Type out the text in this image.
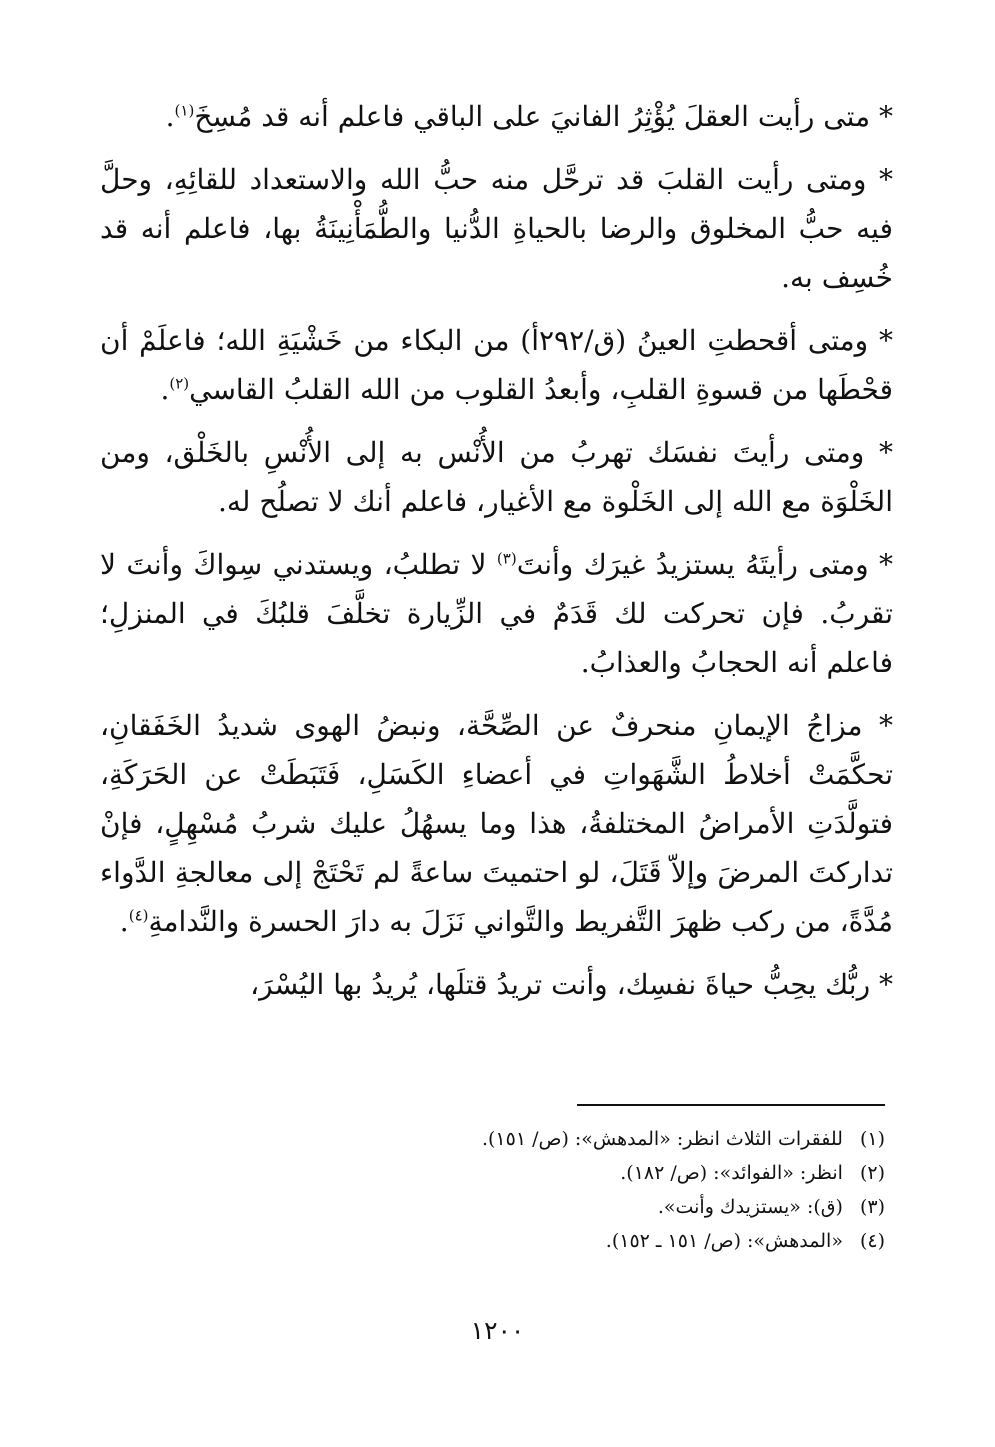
* متى رأيت العقلَ يُؤْثِرُ الفانيَ على الباقي فاعلم أنه قد مُسِخَ$^{(١)}$.

* ومتى رأيت القلبَ قد ترحَّل منه حبُّ الله والاستعداد للقائِهِ، وحلَّ فيه حبُّ المخلوق والرضا بالحياةِ الدُّنيا والطُّمَأْنِينَةُ بها، فاعلم أنه قد خُسِف به.

* ومتى أقحطتِ العينُ (ق/٢٩٢أ) من البكاء من خَشْيَةِ الله؛ فاعلَمْ أن قحْطَها من قسوةِ القلبِ، وأبعدُ القلوب من الله القلبُ القاسي$^{(٢)}$.

* ومتى رأيتَ نفسَك تهربُ من الأُنْس به إلى الأُنْسِ بالخَلْق، ومن الخَلْوَة مع الله إلى الخَلْوة مع الأغيار، فاعلم أنك لا تصلُح له.

* ومتى رأيتَهُ يستزيدُ غيرَك وأنتَ$^{(٣)}$ لا تطلبُ، ويستدني سِواكَ وأنتَ لا تقربُ. فإن تحركت لك قَدَمٌ في الزِّيارة تخلَّفَ قلبُكَ في المنزلِ؛ فاعلم أنه الحجابُ والعذابُ.

* مزاجُ الإيمانِ منحرفٌ عن الصِّحَّة، ونبضُ الهوى شديدُ الخَفَقانِ، تحكَّمَتْ أخلاطُ الشَّهَواتِ في أعضاءِ الكَسَلِ، فَتَبَطَتْ عن الحَرَكَةِ، فتولَّدَتِ الأمراضُ المختلفةُ، هذا وما يسهُلُ عليك شربُ مُسْهِلٍ، فإنْ تداركتَ المرضَ وإلاّ قَتَلَ، لو احتميتَ ساعةً لم تَحْتَجْ إلى معالجةِ الدَّواء مُدَّةً، من ركب ظهرَ التَّفريط والتَّواني نَزَلَ به دارَ الحسرة والنَّدامةِ$^{(٤)}$.

* ربُّك يحِبُّ حياةَ نفسِك، وأنت تريدُ قتلَها، يُريدُ بها اليُسْرَ،

(١) للفقرات الثلاث انظر: «المدهش»: (ص/ ١٥١).
(٢) انظر: «الفوائد»: (ص/ ١٨٢).
(٣) (ق): «يستزيدك وأنت».
(٤) «المدهش»: (ص/ ١٥١ ـ ١٥٢).
١٢٠٠
